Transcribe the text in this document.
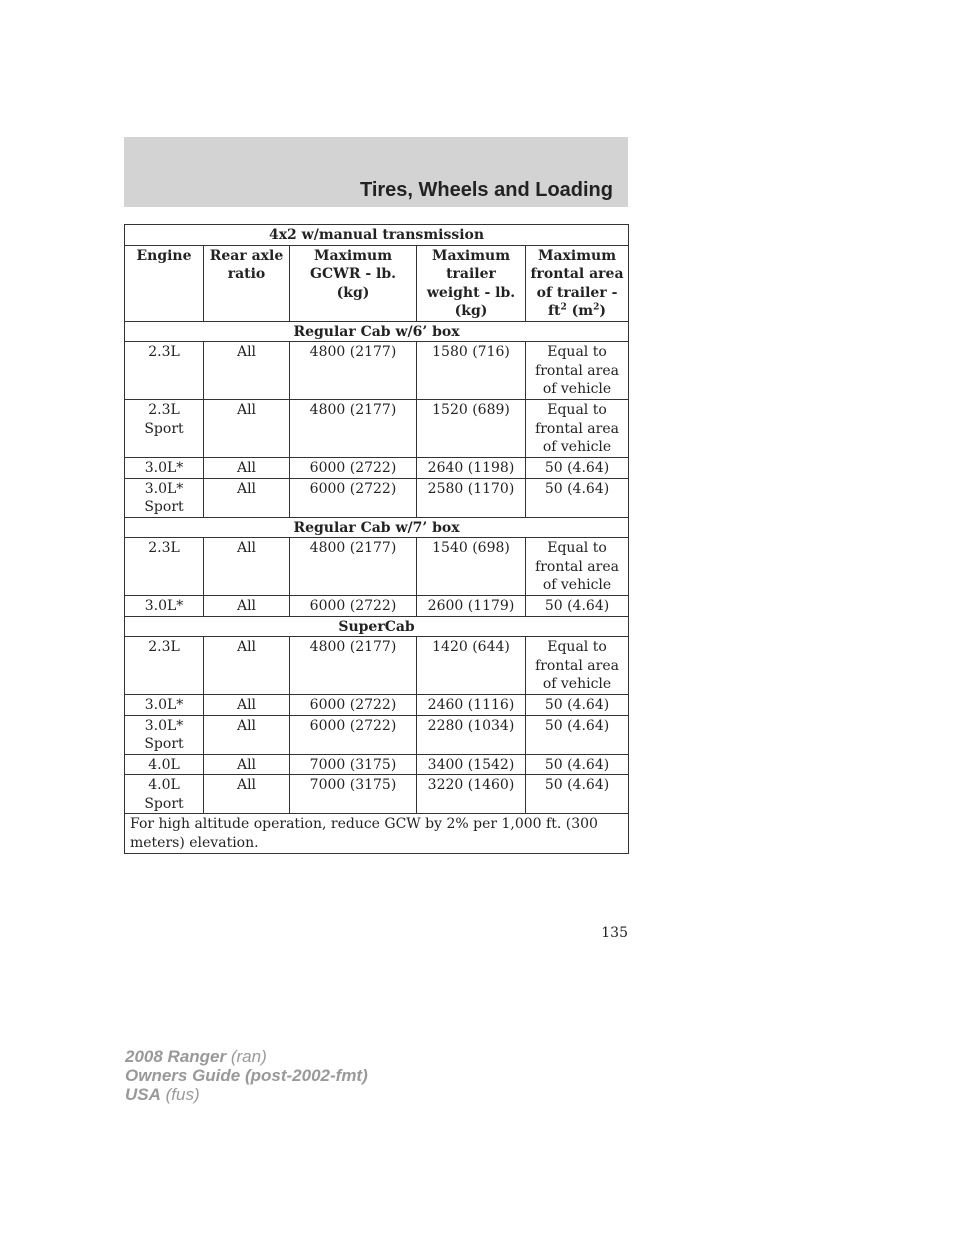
Tires, Wheels and Loading
4x2 w/manual transmission				
Engine	Rear axle ratio	Maximum GCWR - lb. (kg)	Maximum trailer weight - lb. (kg)	Maximum frontal area of trailer - $ft^2$ $(m^2)$
Regular Cab w/6’ box				
2.3L	All	4800 (2177)	1580 (716)	Equal to frontal area of vehicle
2.3L Sport	All	4800 (2177)	1520 (689)	Equal to frontal area of vehicle
3.0L*	All	6000 (2722)	2640 (1198)	50 (4.64)
3.0L* Sport	All	6000 (2722)	2580 (1170)	50 (4.64)
Regular Cab w/7’ box				
2.3L	All	4800 (2177)	1540 (698)	Equal to frontal area of vehicle
3.0L*	All	6000 (2722)	2600 (1179)	50 (4.64)
SuperCab				
2.3L	All	4800 (2177)	1420 (644)	Equal to frontal area of vehicle
3.0L*	All	6000 (2722)	2460 (1116)	50 (4.64)
3.0L* Sport	All	6000 (2722)	2280 (1034)	50 (4.64)
4.0L	All	7000 (3175)	3400 (1542)	50 (4.64)
4.0L Sport	All	7000 (3175)	3220 (1460)	50 (4.64)
For high altitude operation, reduce GCW by 2% per 1,000 ft. (300 meters) elevation.				
135
2008 Ranger (ran)
Owners Guide (post-2002-fmt)
USA (fus)
